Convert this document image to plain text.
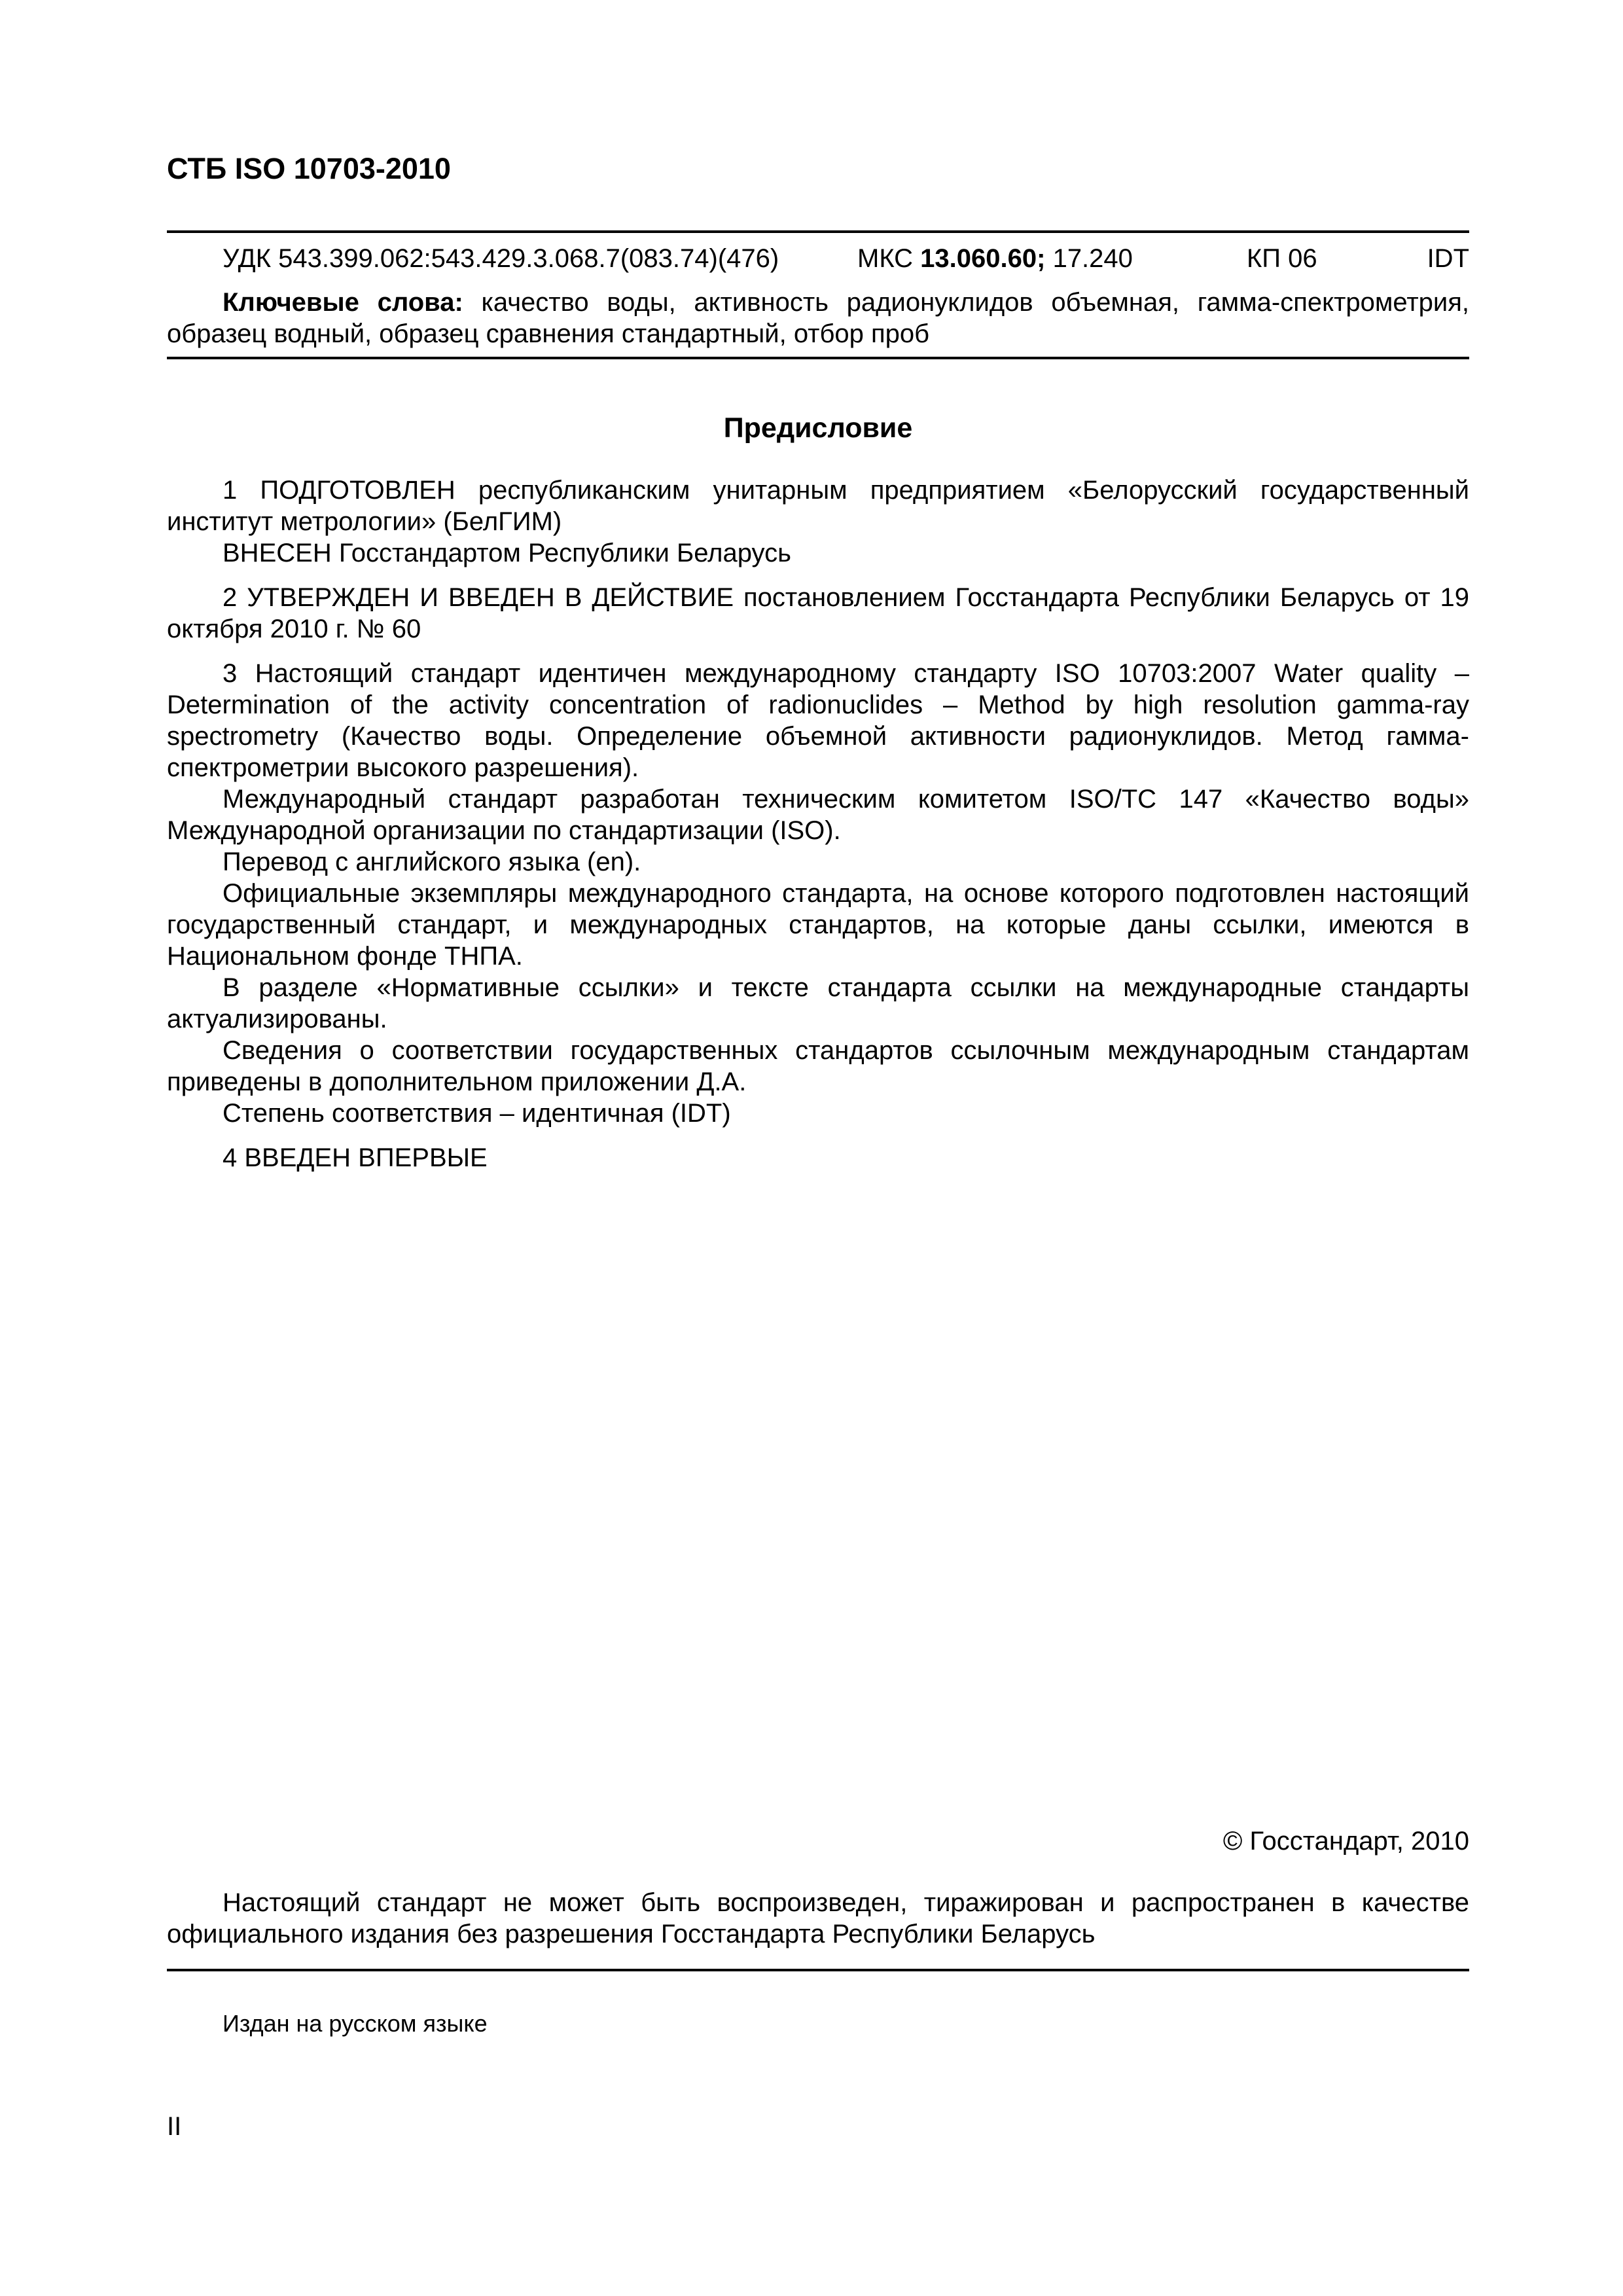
СТБ ISO 10703-2010
УДК 543.399.062:543.429.3.068.7(083.74)(476)	МКС 13.060.60; 17.240	КП 06	IDT

Ключевые слова: качество воды, активность радионуклидов объемная, гамма-спектрометрия, образец водный, образец сравнения стандартный, отбор проб

Предисловие

1 ПОДГОТОВЛЕН республиканским унитарным предприятием «Белорусский государственный институт метрологии» (БелГИМ)

ВНЕСЕН Госстандартом Республики Беларусь

2 УТВЕРЖДЕН И ВВЕДЕН В ДЕЙСТВИЕ постановлением Госстандарта Республики Беларусь от 19 октября 2010 г. № 60

3 Настоящий стандарт идентичен международному стандарту ISO 10703:2007 Water quality – Determination of the activity concentration of radionuclides – Method by high resolution gamma-ray spectrometry (Качество воды. Определение объемной активности радионуклидов. Метод гамма-спектрометрии высокого разрешения).

Международный стандарт разработан техническим комитетом ISO/TC 147 «Качество воды» Международной организации по стандартизации (ISO).

Перевод с английского языка (en).

Официальные экземпляры международного стандарта, на основе которого подготовлен настоящий государственный стандарт, и международных стандартов, на которые даны ссылки, имеются в Национальном фонде ТНПА.

В разделе «Нормативные ссылки» и тексте стандарта ссылки на международные стандарты актуализированы.

Сведения о соответствии государственных стандартов ссылочным международным стандартам приведены в дополнительном приложении Д.А.

Степень соответствия – идентичная (IDT)

4 ВВЕДЕН ВПЕРВЫЕ

© Госстандарт, 2010

Настоящий стандарт не может быть воспроизведен, тиражирован и распространен в качестве официального издания без разрешения Госстандарта Республики Беларусь

Издан на русском языке
II
